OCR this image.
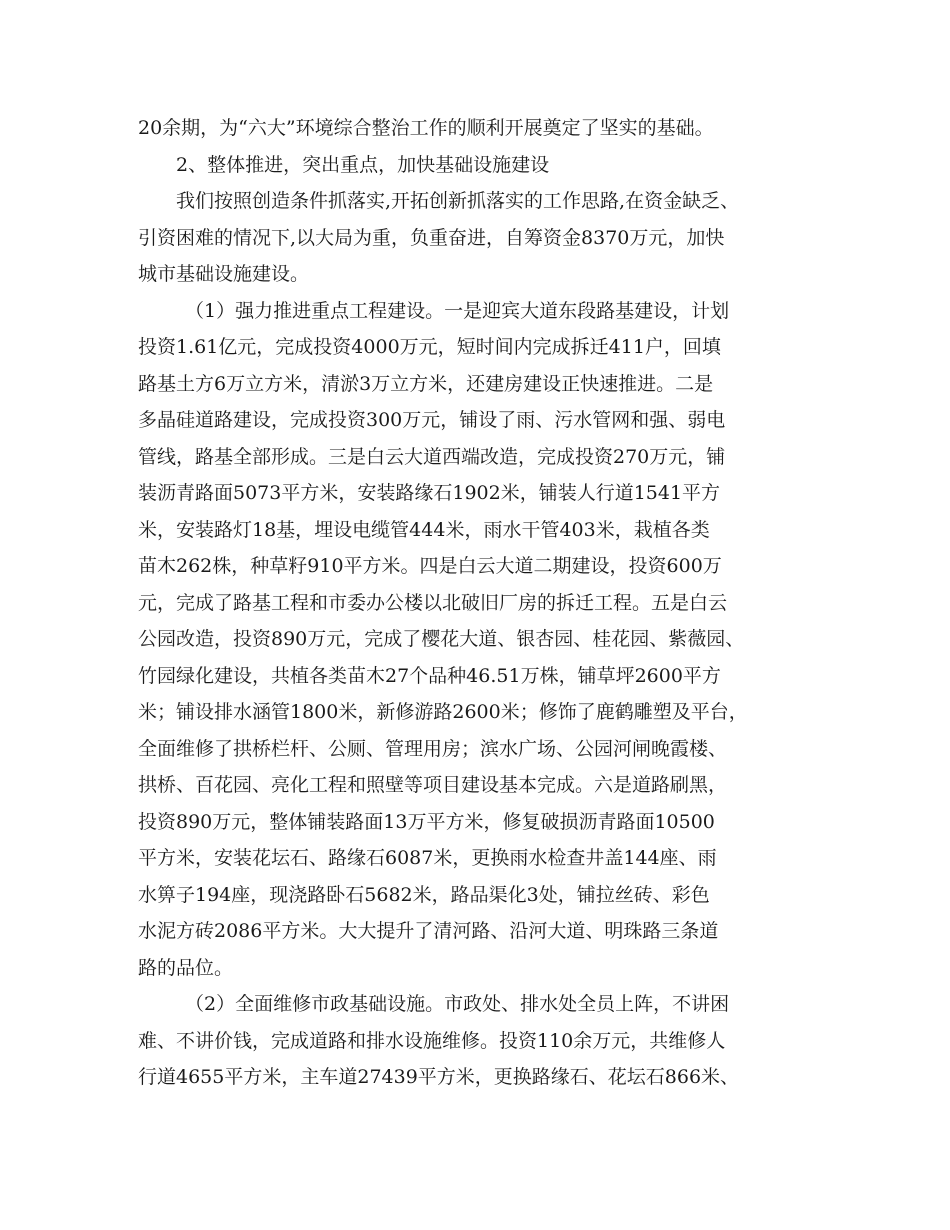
20余期，为“六大”环境综合整治工作的顺利开展奠定了坚实的基础。
2、整体推进，突出重点，加快基础设施建设
我们按照创造条件抓落实,开拓创新抓落实的工作思路,在资金缺乏、
引资困难的情况下,以大局为重，负重奋进，自筹资金8370万元，加快
城市基础设施建设。
（1）强力推进重点工程建设。一是迎宾大道东段路基建设，计划
投资1.61亿元，完成投资4000万元，短时间内完成拆迁411户，回填
路基土方6万立方米，清淤3万立方米，还建房建设正快速推进。二是
多晶硅道路建设，完成投资300万元，铺设了雨、污水管网和强、弱电
管线，路基全部形成。三是白云大道西端改造，完成投资270万元，铺
装沥青路面5073平方米，安装路缘石1902米，铺装人行道1541平方
米，安装路灯18基，埋设电缆管444米，雨水干管403米，栽植各类
苗木262株，种草籽910平方米。四是白云大道二期建设，投资600万
元，完成了路基工程和市委办公楼以北破旧厂房的拆迁工程。五是白云
公园改造，投资890万元，完成了樱花大道、银杏园、桂花园、紫薇园、
竹园绿化建设，共植各类苗木27个品种46.51万株，铺草坪2600平方
米；铺设排水涵管1800米，新修游路2600米；修饰了鹿鹤雕塑及平台，
全面维修了拱桥栏杆、公厕、管理用房；滨水广场、公园河闸晚霞楼、
拱桥、百花园、亮化工程和照壁等项目建设基本完成。六是道路刷黑，
投资890万元，整体铺装路面13万平方米，修复破损沥青路面10500
平方米，安装花坛石、路缘石6087米，更换雨水检查井盖144座、雨
水箅子194座，现浇路卧石5682米，路品渠化3处，铺拉丝砖、彩色
水泥方砖2086平方米。大大提升了清河路、沿河大道、明珠路三条道
路的品位。
（2）全面维修市政基础设施。市政处、排水处全员上阵，不讲困
难、不讲价钱，完成道路和排水设施维修。投资110余万元，共维修人
行道4655平方米，主车道27439平方米，更换路缘石、花坛石866米、
